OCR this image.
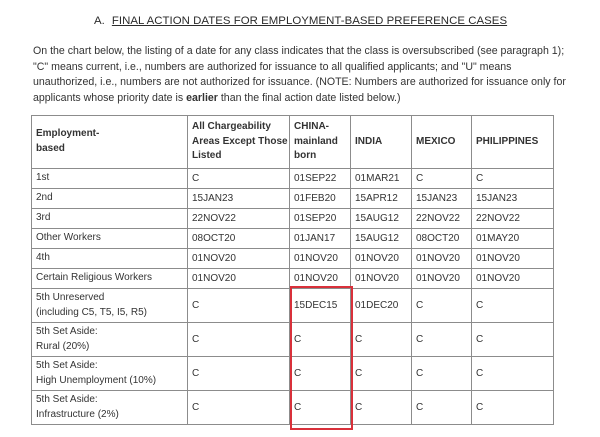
A. FINAL ACTION DATES FOR EMPLOYMENT-BASED PREFERENCE CASES

On the chart below, the listing of a date for any class indicates that the class is oversubscribed (see paragraph 1); "C" means current, i.e., numbers are authorized for issuance to all qualified applicants; and "U" means unauthorized, i.e., numbers are not authorized for issuance. (NOTE: Numbers are authorized for issuance only for applicants whose priority date is earlier than the final action date listed below.)

Employment-
based	All Chargeability Areas Except Those Listed	CHINA-
mainland
born	INDIA	MEXICO	PHILIPPINES
1st	C	01SEP22	01MAR21	C	C
2nd	15JAN23	01FEB20	15APR12	15JAN23	15JAN23
3rd	22NOV22	01SEP20	15AUG12	22NOV22	22NOV22
Other Workers	08OCT20	01JAN17	15AUG12	08OCT20	01MAY20
4th	01NOV20	01NOV20	01NOV20	01NOV20	01NOV20
Certain Religious Workers	01NOV20	01NOV20	01NOV20	01NOV20	01NOV20
5th Unreserved
(including C5, T5, I5, R5)	C	15DEC15	01DEC20	C	C
5th Set Aside:
Rural (20%)	C	C	C	C	C
5th Set Aside:
High Unemployment (10%)	C	C	C	C	C
5th Set Aside:
Infrastructure (2%)	C	C	C	C	C
